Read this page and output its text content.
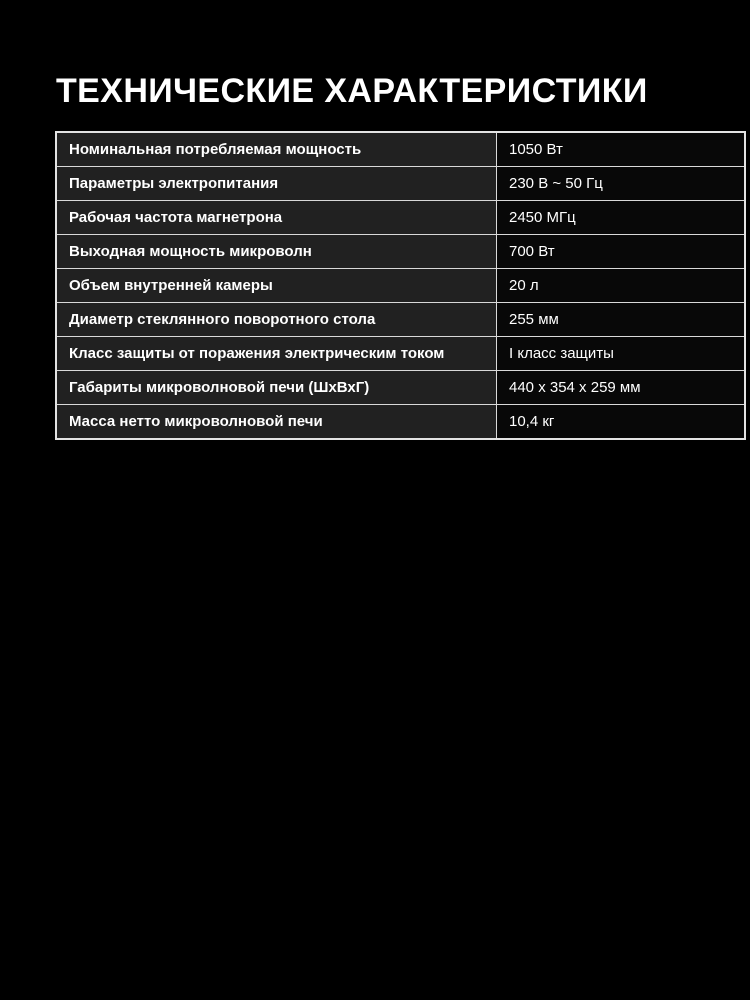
ТЕХНИЧЕСКИЕ ХАРАКТЕРИСТИКИ
Номинальная потребляемая мощность	1050 Вт
Параметры электропитания	230 В ~ 50 Гц
Рабочая частота магнетрона	2450 МГц
Выходная мощность микроволн	700 Вт
Объем внутренней камеры	20 л
Диаметр стеклянного поворотного стола	255 мм
Класс защиты от поражения электрическим током	I класс защиты
Габариты микроволновой печи (ШхВхГ)	440 x 354 x 259 мм
Масса нетто микроволновой печи	10,4 кг
